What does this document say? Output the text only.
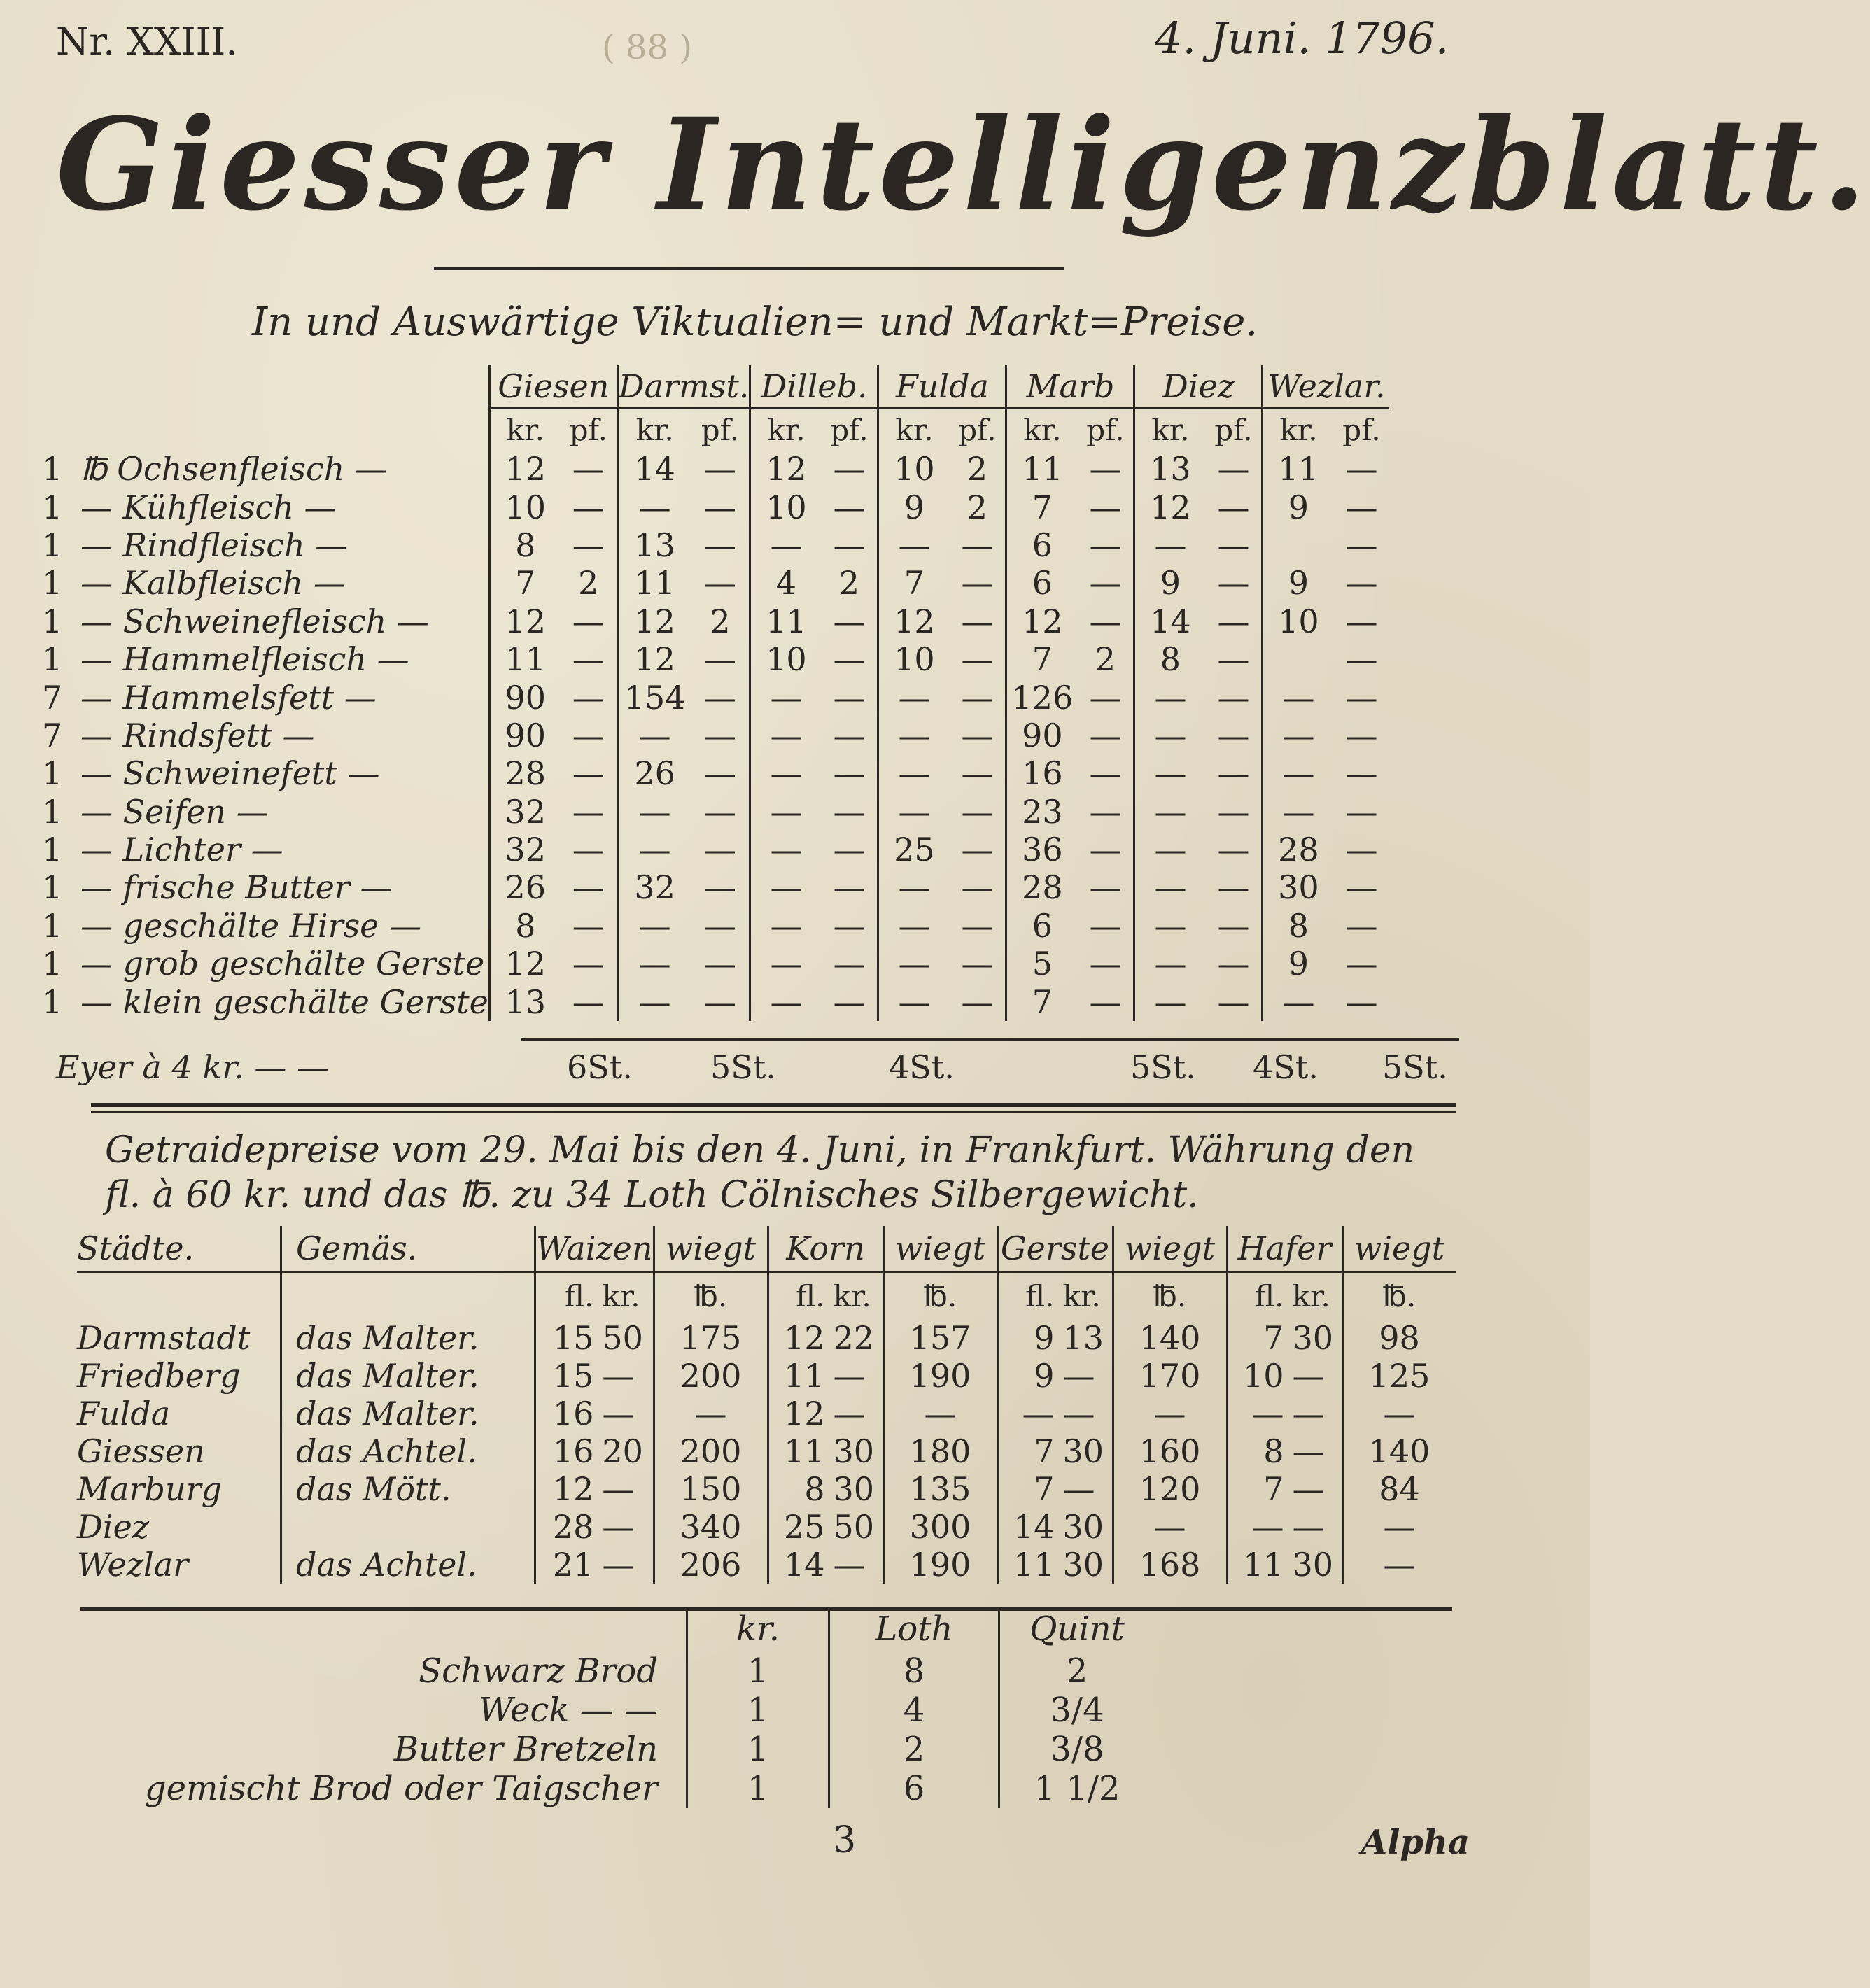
Nr. XXIII.	( 88 )	4. Juni. 1796.
Giesser Intelligenzblatt.
In und Auswärtige Viktualien= und Markt=Preise.
		Giesen		Darmst.		Dilleb.		Fulda		Marb		Diez		Wezlar.	
		kr.	pf.	kr.	pf.	kr.	pf.	kr.	pf.	kr.	pf.	kr.	pf.	kr.	pf.
1	℔ Ochsenfleisch —	12	—	14	—	12	—	10	2	11	—	13	—	11	—
1	— Kühfleisch —	10	—	—	—	10	—	9	2	7	—	12	—	9	—
1	— Rindfleisch —	8	—	13	—	—	—	—	—	6	—	—	—		—
1	— Kalbfleisch —	7	2	11	—	4	2	7	—	6	—	9	—	9	—
1	— Schweinefleisch —	12	—	12	2	11	—	12	—	12	—	14	—	10	—
1	— Hammelfleisch —	11	—	12	—	10	—	10	—	7	2	8	—		—
7	— Hammelsfett —	90	—	154	—	—	—	—	—	126	—	—	—	—	—
7	— Rindsfett —	90	—	—	—	—	—	—	—	90	—	—	—	—	—
1	— Schweinefett —	28	—	26	—	—	—	—	—	16	—	—	—	—	—
1	— Seifen —	32	—	—	—	—	—	—	—	23	—	—	—	—	—
1	— Lichter —	32	—	—	—	—	—	25	—	36	—	—	—	28	—
1	— frische Butter —	26	—	32	—	—	—	—	—	28	—	—	—	30	—
1	— geschälte Hirse —	8	—	—	—	—	—	—	—	6	—	—	—	8	—
1	— grob geschälte Gerste	12	—	—	—	—	—	—	—	5	—	—	—	9	—
1	— klein geschälte Gerste	13	—	—	—	—	—	—	—	7	—	—	—	—	—
Eyer à 4 kr. — —	6St. 5St.	4St.	5St. 4St. 5St.
Getraidepreise vom 29. Mai bis den 4. Juni, in Frankfurt. Währung den fl. à 60 kr. und das ℔. zu 34 Loth Cölnisches Silbergewicht.
Städte.	Gemäs.	Waizen		wiegt	Korn		wiegt	Gerste		wiegt	Hafer		wiegt
		fl.	kr.	℔.	fl.	kr.	℔.	fl.	kr.	℔.	fl.	kr.	℔.
Darmstadt	das Malter.	15	50	175	12	22	157	9	13	140	7	30	98
Friedberg	das Malter.	15	—	200	11	—	190	9	—	170	10	—	125
Fulda	das Malter.	16	—	—	12	—	—	—	—	—	—	—	—
Giessen	das Achtel.	16	20	200	11	30	180	7	30	160	8	—	140
Marburg	das Mött.	12	—	150	8	30	135	7	—	120	7	—	84
Diez		28	—	340	25	50	300	14	30	—	—	—	—
Wezlar	das Achtel.	21	—	206	14	—	190	11	30	168	11	30	—
	kr.	Loth	Quint
Schwarz Brod	1	8	2
Weck — —	1	4	3/4
Butter Bretzeln	1	2	3/8
gemischt Brod oder Taigscher	1	6	1 1/2
3	Alpha
